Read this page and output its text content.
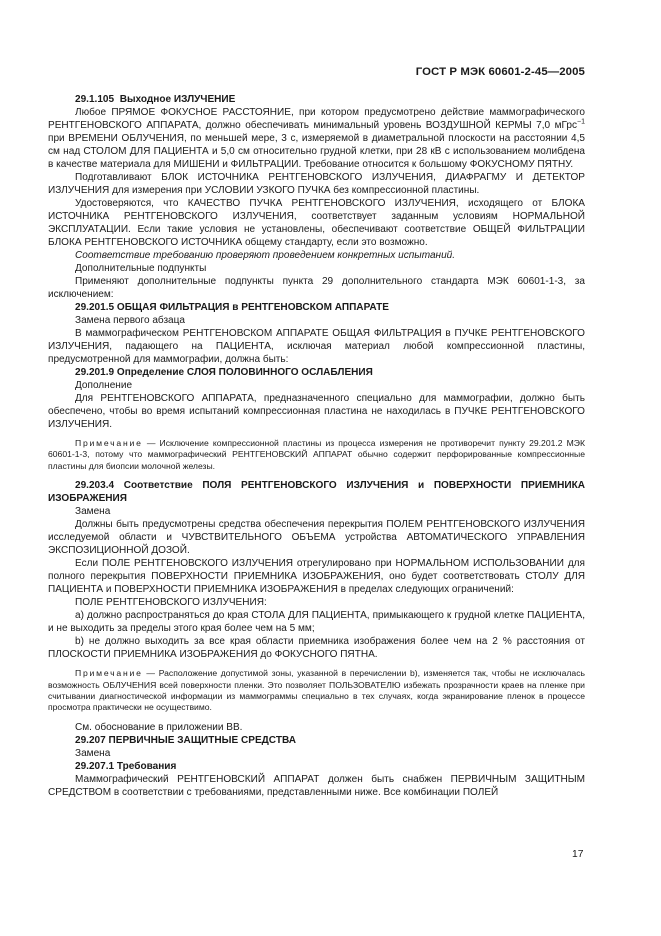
ГОСТ Р МЭК 60601-2-45—2005

29.1.105 Выходное ИЗЛУЧЕНИЕ

Любое ПРЯМОЕ ФОКУСНОЕ РАССТОЯНИЕ, при котором предусмотрено действие маммографического РЕНТГЕНОВСКОГО АППАРАТА, должно обеспечивать минимальный уровень ВОЗДУШНОЙ КЕРМЫ 7,0 мГрс$^{-1}$ при ВРЕМЕНИ ОБЛУЧЕНИЯ, по меньшей мере, 3 с, измеряемой в диаметральной плоскости на расстоянии 4,5 см над СТОЛОМ ДЛЯ ПАЦИЕНТА и 5,0 см относительно грудной клетки, при 28 кВ с использованием молибдена в качестве материала для МИШЕНИ и ФИЛЬТРАЦИИ. Требование относится к большому ФОКУСНОМУ ПЯТНУ.

Подготавливают БЛОК ИСТОЧНИКА РЕНТГЕНОВСКОГО ИЗЛУЧЕНИЯ, ДИАФРАГМУ И ДЕТЕКТОР ИЗЛУЧЕНИЯ для измерения при УСЛОВИИ УЗКОГО ПУЧКА без компрессионной пластины.

Удостоверяются, что КАЧЕСТВО ПУЧКА РЕНТГЕНОВСКОГО ИЗЛУЧЕНИЯ, исходящего от БЛОКА ИСТОЧНИКА РЕНТГЕНОВСКОГО ИЗЛУЧЕНИЯ, соответствует заданным условиям НОРМАЛЬНОЙ ЭКСПЛУАТАЦИИ. Если такие условия не установлены, обеспечивают соответствие ОБЩЕЙ ФИЛЬТРАЦИИ БЛОКА РЕНТГЕНОВСКОГО ИСТОЧНИКА общему стандарту, если это возможно.

Соответствие требованию проверяют проведением конкретных испытаний.

Дополнительные подпункты

Применяют дополнительные подпункты пункта 29 дополнительного стандарта МЭК 60601-1-3, за исключением:

29.201.5 ОБЩАЯ ФИЛЬТРАЦИЯ в РЕНТГЕНОВСКОМ АППАРАТЕ

Замена первого абзаца

В маммографическом РЕНТГЕНОВСКОМ АППАРАТЕ ОБЩАЯ ФИЛЬТРАЦИЯ в ПУЧКЕ РЕНТГЕНОВСКОГО ИЗЛУЧЕНИЯ, падающего на ПАЦИЕНТА, исключая материал любой компрессионной пластины, предусмотренной для маммографии, должна быть:

29.201.9 Определение СЛОЯ ПОЛОВИННОГО ОСЛАБЛЕНИЯ

Дополнение

Для РЕНТГЕНОВСКОГО АППАРАТА, предназначенного специально для маммографии, должно быть обеспечено, чтобы во время испытаний компрессионная пластина не находилась в ПУЧКЕ РЕНТГЕНОВСКОГО ИЗЛУЧЕНИЯ.

Примечание — Исключение компрессионной пластины из процесса измерения не противоречит пункту 29.201.2 МЭК 60601-1-3, потому что маммографический РЕНТГЕНОВСКИЙ АППАРАТ обычно содержит перфорированные компрессионные пластины для биопсии молочной железы.

29.203.4 Соответствие ПОЛЯ РЕНТГЕНОВСКОГО ИЗЛУЧЕНИЯ и ПОВЕРХНОСТИ ПРИЕМНИКА ИЗОБРАЖЕНИЯ

Замена

Должны быть предусмотрены средства обеспечения перекрытия ПОЛЕМ РЕНТГЕНОВСКОГО ИЗЛУЧЕНИЯ исследуемой области и ЧУВСТВИТЕЛЬНОГО ОБЪЕМА устройства АВТОМАТИЧЕСКОГО УПРАВЛЕНИЯ ЭКСПОЗИЦИОННОЙ ДОЗОЙ.

Если ПОЛЕ РЕНТГЕНОВСКОГО ИЗЛУЧЕНИЯ отрегулировано при НОРМАЛЬНОМ ИСПОЛЬЗОВАНИИ для полного перекрытия ПОВЕРХНОСТИ ПРИЕМНИКА ИЗОБРАЖЕНИЯ, оно будет соответствовать СТОЛУ ДЛЯ ПАЦИЕНТА и ПОВЕРХНОСТИ ПРИЕМНИКА ИЗОБРАЖЕНИЯ в пределах следующих ограничений:

ПОЛЕ РЕНТГЕНОВСКОГО ИЗЛУЧЕНИЯ:

a) должно распространяться до края СТОЛА ДЛЯ ПАЦИЕНТА, примыкающего к грудной клетке ПАЦИЕНТА, и не выходить за пределы этого края более чем на 5 мм;

b) не должно выходить за все края области приемника изображения более чем на 2 % расстояния от ПЛОСКОСТИ ПРИЕМНИКА ИЗОБРАЖЕНИЯ до ФОКУСНОГО ПЯТНА.

Примечание — Расположение допустимой зоны, указанной в перечислении b), изменяется так, чтобы не исключалась возможность ОБЛУЧЕНИЯ всей поверхности пленки. Это позволяет ПОЛЬЗОВАТЕЛЮ избежать прозрачности краев на пленке при считывании диагностической информации из маммограммы специально в тех случаях, когда экранирование пленок в процессе просмотра практически не осуществимо.

См. обоснование в приложении ВВ.

29.207 ПЕРВИЧНЫЕ ЗАЩИТНЫЕ СРЕДСТВА

Замена

29.207.1 Требования

Маммографический РЕНТГЕНОВСКИЙ АППАРАТ должен быть снабжен ПЕРВИЧНЫМ ЗАЩИТНЫМ СРЕДСТВОМ в соответствии с требованиями, представленными ниже. Все комбинации ПОЛЕЙ

17
